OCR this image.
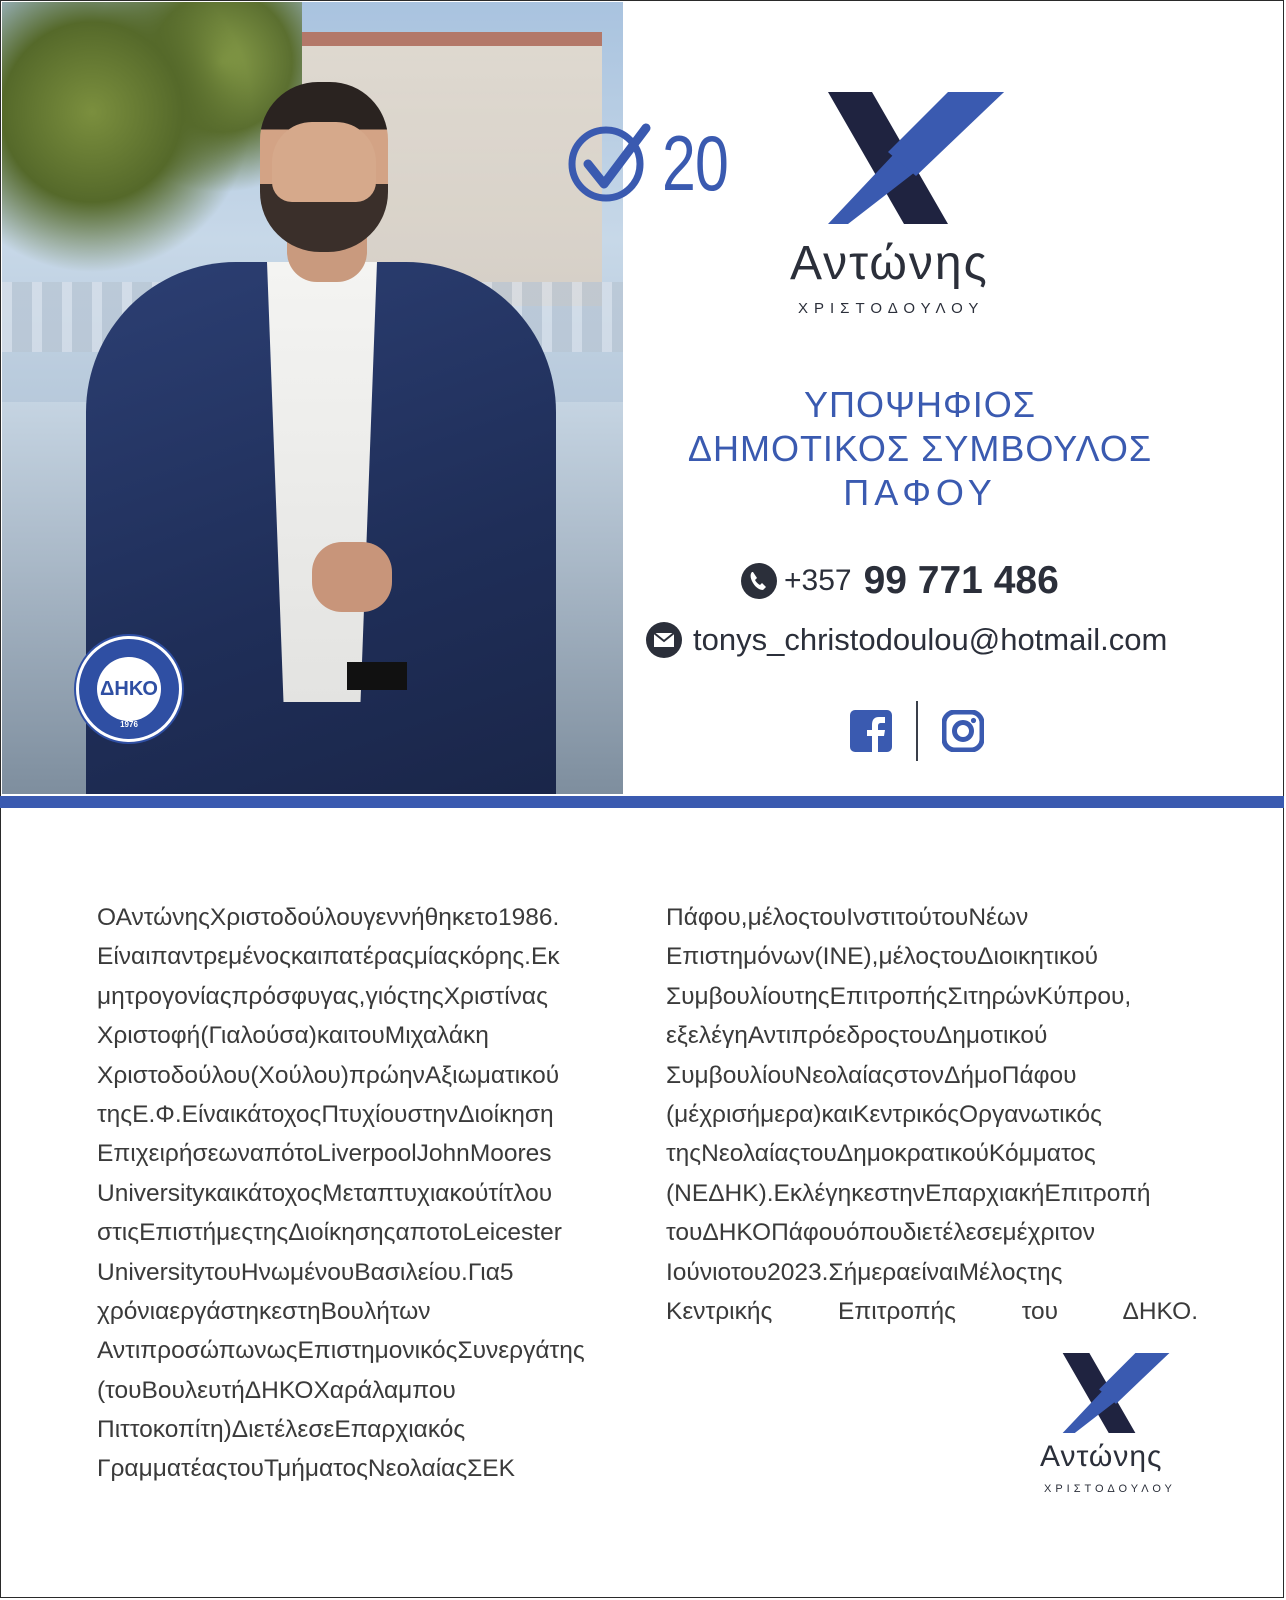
ΔΗΚΟ
1976
20
Αντώνης
ΧΡΙΣΤΟΔΟΥΛΟΥ
ΥΠΟΨΗΦΙΟΣ
ΔΗΜΟΤΙΚΟΣ ΣΥΜΒΟΥΛΟΣ
ΠΑΦΟΥ
+357 99 771 486
tonys_christodoulou@hotmail.com
ΟΑντώνηςΧριστοδούλουγεννήθηκετο1986.
Είναιπαντρεμένοςκαιπατέραςμίαςκόρης.Εκ
μητρογονίαςπρόσφυγας,γιόςτηςΧριστίνας
Χριστοφή(Γιαλούσα)καιτουΜιχαλάκη
Χριστοδούλου(Χούλου)πρώηνΑξιωματικού
τηςΕ.Φ.ΕίναικάτοχοςΠτυχίουστηνΔιοίκηση
ΕπιχειρήσεωναπότοLiverpoolJohnMoores
UniversityκαικάτοχοςΜεταπτυχιακούτίτλου
στιςΕπιστήμεςτηςΔιοίκησηςαποτοLeicester
UniversityτουΗνωμένουΒασιλείου.Για5
χρόνιαεργάστηκεστηΒουλήτων
ΑντιπροσώπωνωςΕπιστημονικόςΣυνεργάτης
(τουΒουλευτήΔΗΚΟΧαράλαμπου
Πιττοκοπίτη)ΔιετέλεσεΕπαρχιακός
ΓραμματέαςτουΤμήματοςΝεολαίαςΣΕΚ
Πάφου,μέλοςτουΙνστιτούτουΝέων
Επιστημόνων(ΙΝΕ),μέλοςτουΔιοικητικού
ΣυμβουλίουτηςΕπιτροπήςΣιτηρώνΚύπρου,
εξελέγηΑντιπρόεδροςτουΔημοτικού
ΣυμβουλίουΝεολαίαςστονΔήμοΠάφου
(μέχρισήμερα)καιΚεντρικόςΟργανωτικός
τηςΝεολαίαςτουΔημοκρατικούΚόμματος
(ΝΕΔΗΚ).ΕκλέγηκεστηνΕπαρχιακήΕπιτροπή
τουΔΗΚΟΠάφουόπουδιετέλεσεμέχριτον
Ιούνιοτου2023.ΣήμεραείναιΜέλοςτης
Κεντρικής Επιτροπής του ΔΗΚΟ.
Αντώνης
ΧΡΙΣΤΟΔΟΥΛΟΥ
